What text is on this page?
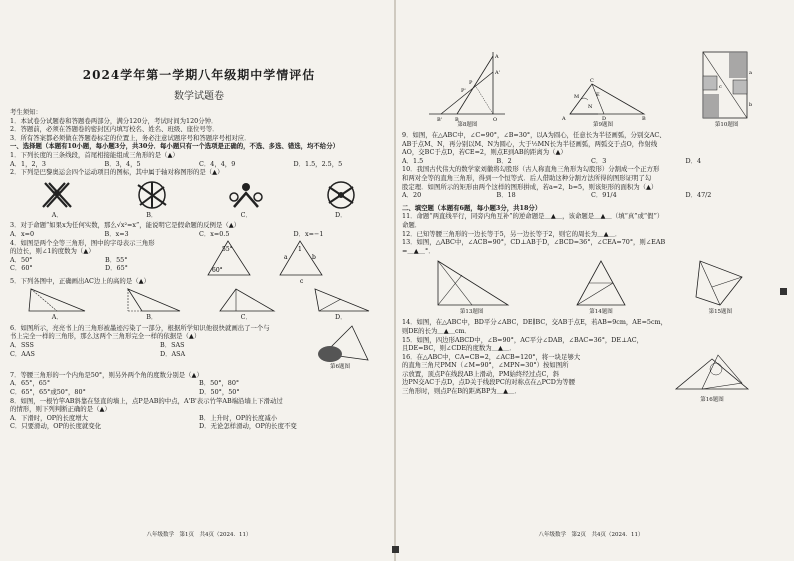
2024学年第一学期八年级期中学情评估
数学试题卷
考生须知：
1．本试卷分试题卷和答题卷两部分，满分120分，考试时间为120分钟．
2．答题前，必须在答题卷的密封区内填写校名、姓名、班级、座位号等．
3．所有答案都必须做在答题卷标定的位置上，务必注意试题序号和答题序号相对应．
一、选择题（本题有10小题，每小题3分，共30分．每小题只有一个选项是正确的，不选、多选、错选，均不给分）
1．下列长度的三条线段，首尾相接能组成三角形的是（▲）
A．1，2，3	B．3，4，5	C．4，4，9	D．1.5，2.5，5
2．下列是巴黎奥运会四个运动项目的图标，其中属于轴对称图形的是（▲）
A．	B．	C．	D．
3．对于命题“如果x为任何实数，那么√x²=x”，能说明它是假命题的反例是（▲）
A．x=0	B．x=3	C．x=0.5	D．x=−1
4．如图是两个全等三角形，图中的字母表示三角形
的边长，则∠1的度数为（▲）
A．50°	B．55°
C．60°	D．65°
55°
60°
a	b
c
1
5．下列各图中，正确画出AC边上的高的是（▲）
A．	B．	C．	D．
6．如图所示，亮亮书上的三角形被墨迹污染了一部分，根据所学知识他很快就画出了一个与
书上完全一样的三角形，那么这两个三角形完全一样的依据是（▲）
A．SSS	B．SAS
C．AAS	D．ASA
第6题图
7．等腰三角形的一个内角是50°，则另外两个角的度数分别是（▲）
A．65°，65°	B．50°，80°
C．65°，65°或50°，80°	D．50°，50°
8．如图，一根竹竿AB斜靠在竖直的墙上，点P是AB的中点，A'B'表示竹竿AB端沿墙上下滑动过
的情形，则下列判断正确的是（▲）
A．下滑时，OP的长度增大	B．上升时，OP的长度减小
C．只要滑动，OP的长度就变化	D．无论怎样滑动，OP的长度不变
八年级数学　第1页　共4页（2024．11）
A
A'
P
P'
B'	B	O
第8题图
A
C
B
D
M
N
E
第9题图
a
b
c
第10题图
9．如图，在△ABC中，∠C=90°，∠B=30°，以A为圆心，任意长为半径画弧，分别交AC、
AB于点M、N，再分别以M、N为圆心，大于½MN长为半径画弧，两弧交于点O，作射线
AO，交BC于点D，若CE=2，则点E到AB的距离为（▲）
A．1.5	B．2	C．3	D．4
10．我国古代伟大的数学家刘徽将勾股形（古人称直角三角形为勾股形）分割成一个正方形
和两对全等的直角三角形，得到一个恒等式．后人借助这种分割方法所得的图形证明了勾
股定理．如图所示的矩形由两个这样的图形拼成，若a=2，b=5，则该矩形的面积为（▲）
A．20	B．18	C．91/4	D．47/2
二、填空题（本题有6题，每小题3分，共18分）
11．命题“两直线平行，同旁内角互补”的逆命题是＿▲＿，该命题是＿▲＿（填“真”或“假”）
命题．
12．已知等腰三角形的一边长等于5，另一边长等于2，则它的周长为＿▲＿．
13．如图，△ABC中，∠ACB=90°，CD⊥AB于D，∠BCD=36°，∠CEA=70°，则∠EAB
=＿▲＿°．
第13题图	第14题图	第15题图
14．如图，在△ABC中，BD平分∠ABC，DE∥BC，交AB于点E，若AB=9cm，AE=5cm，
则DE的长为＿▲＿cm．
15．如图，四边形ABCD中，∠B=90°，AC平分∠DAB，∠BAC=36°，DE⊥AC，
且DE=BC，则∠CDE的度数为＿▲＿．
16．在△ABC中，CA=CB=2，∠ACB=120°，将一块足够大
的直角三角尺PMN（∠M=90°，∠MPN=30°）按如图所
示放置，顶点P在线段AB上滑动，PM始终经过点C，斜
边PN交AC于点D，点D关于线段PC的对称点在△PCD为等腰
三角形时，则点P在B的距离BP为＿▲＿．
第16题图
八年级数学　第2页　共4页（2024．11）
